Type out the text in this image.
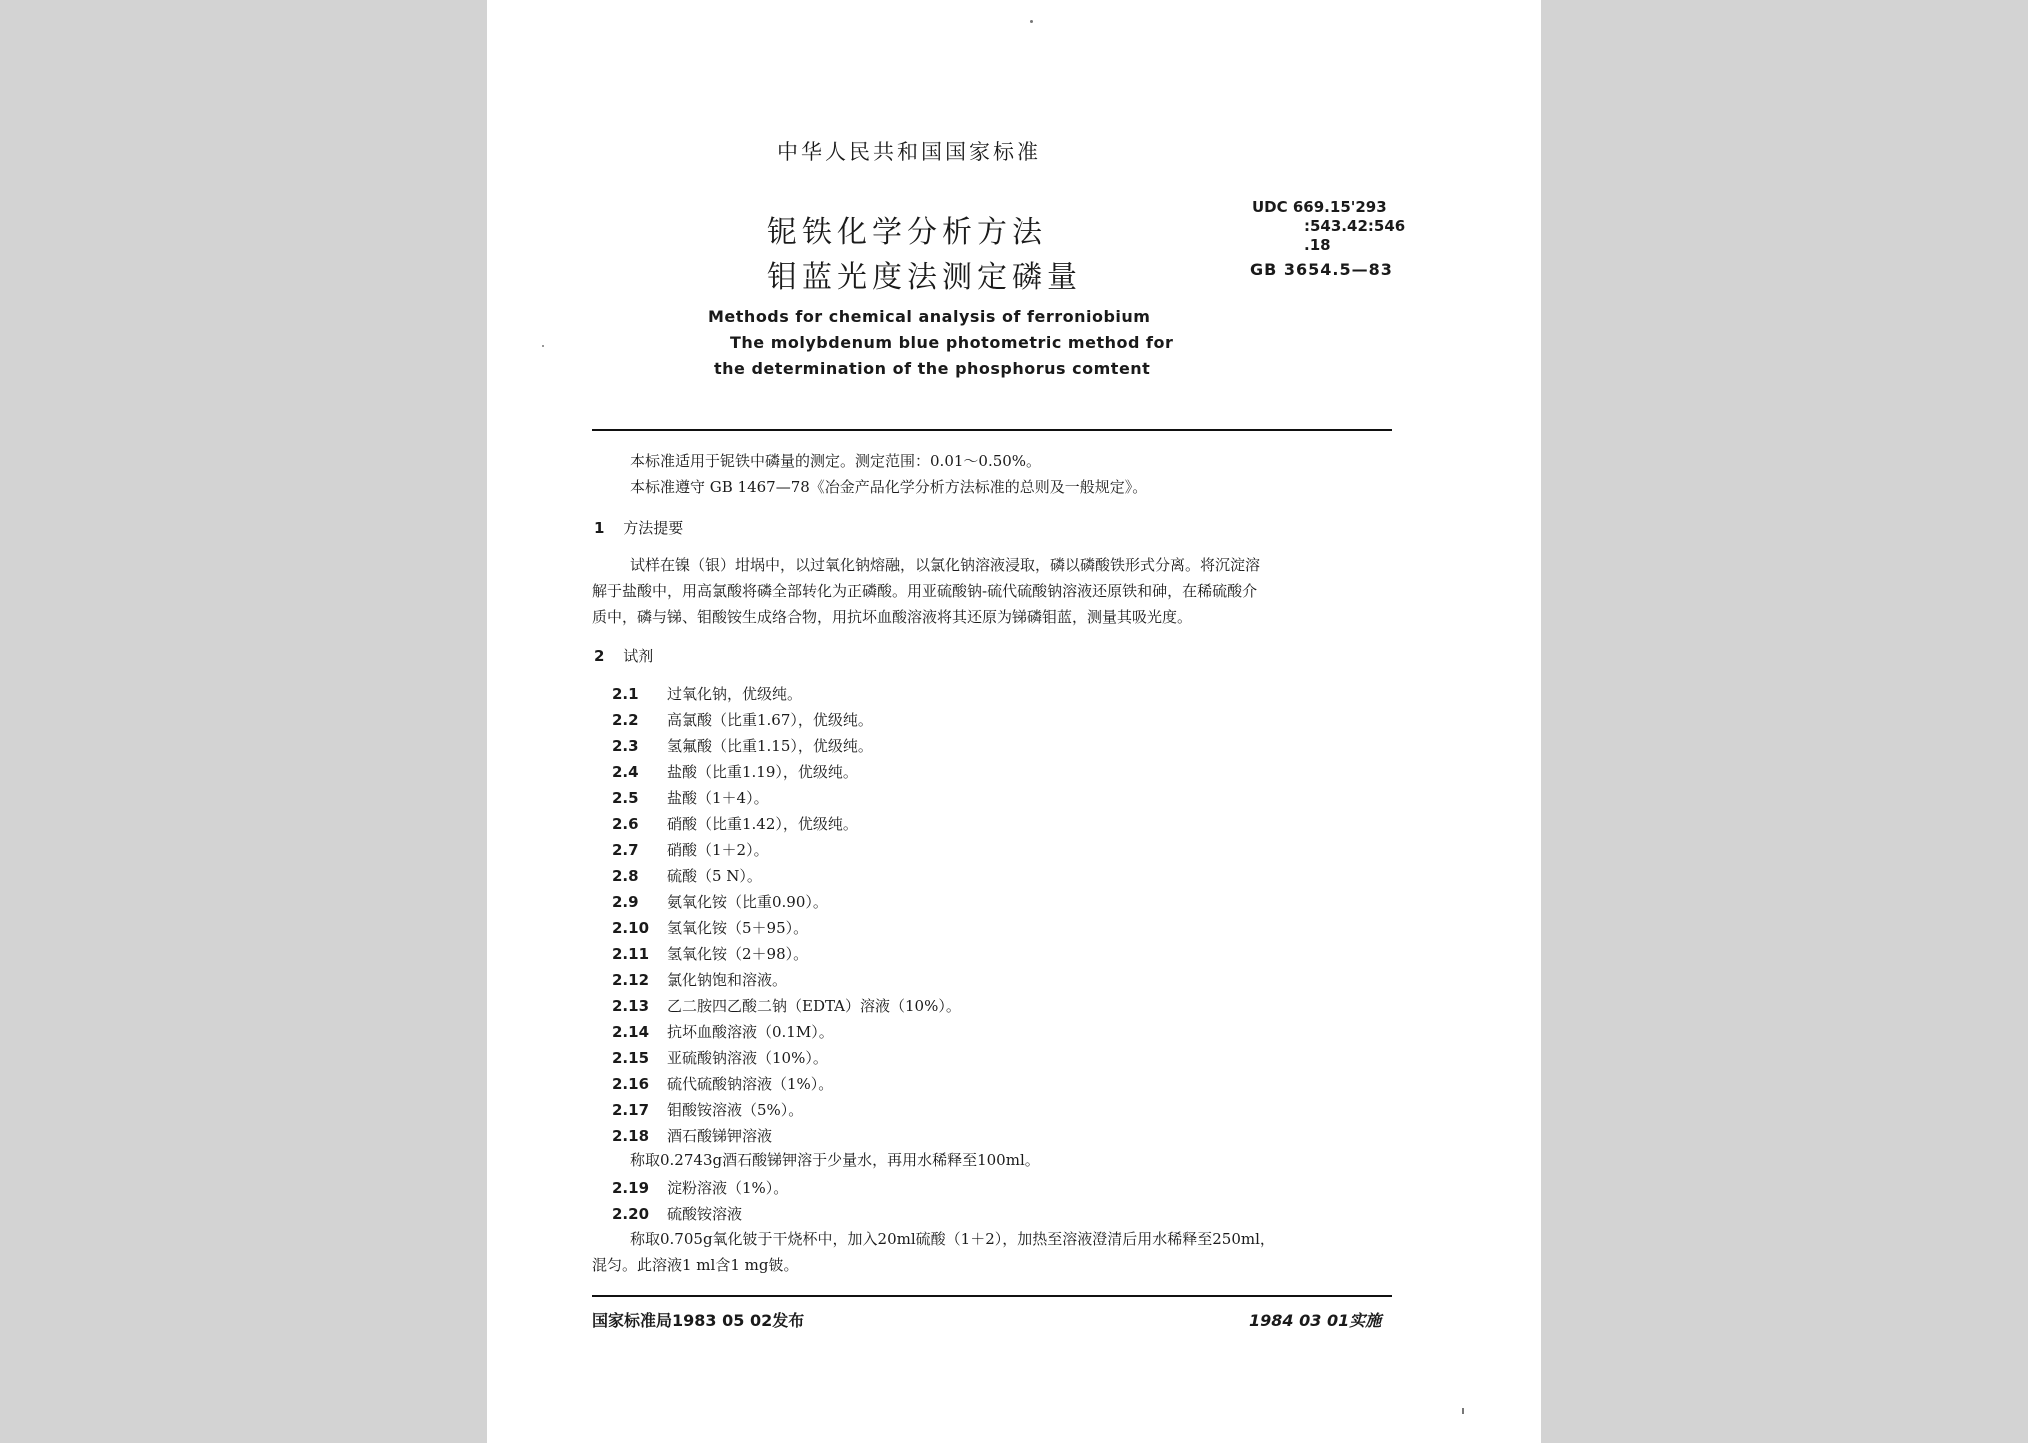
中华人民共和国国家标准
铌铁化学分析方法
钼蓝光度法测定磷量
UDC 669.15'293
:543.42:546
.18
GB 3654.5—83
Methods for chemical analysis of ferroniobium
The molybdenum blue photometric method for
the determination of the phosphorus comtent
本标准适用于铌铁中磷量的测定。测定范围：0.01～0.50%。
本标准遵守 GB 1467—78《冶金产品化学分析方法标准的总则及一般规定》。
1 方法提要
试样在镍（银）坩埚中，以过氧化钠熔融，以氯化钠溶液浸取，磷以磷酸铁形式分离。将沉淀溶
解于盐酸中，用高氯酸将磷全部转化为正磷酸。用亚硫酸钠-硫代硫酸钠溶液还原铁和砷，在稀硫酸介
质中，磷与锑、钼酸铵生成络合物，用抗坏血酸溶液将其还原为锑磷钼蓝，测量其吸光度。
2 试剂
2.1 过氧化钠，优级纯。
2.2 高氯酸（比重1.67），优级纯。
2.3 氢氟酸（比重1.15），优级纯。
2.4 盐酸（比重1.19），优级纯。
2.5 盐酸（1＋4）。
2.6 硝酸（比重1.42），优级纯。
2.7 硝酸（1＋2）。
2.8 硫酸（5 N）。
2.9 氨氧化铵（比重0.90）。
2.10 氢氧化铵（5＋95）。
2.11 氢氧化铵（2＋98）。
2.12 氯化钠饱和溶液。
2.13 乙二胺四乙酸二钠（EDTA）溶液（10%）。
2.14 抗坏血酸溶液（0.1M）。
2.15 亚硫酸钠溶液（10%）。
2.16 硫代硫酸钠溶液（1%）。
2.17 钼酸铵溶液（5%）。
2.18 酒石酸锑钾溶液
称取0.2743g酒石酸锑钾溶于少量水，再用水稀释至100ml。
2.19 淀粉溶液（1%）。
2.20 硫酸铵溶液
称取0.705g氧化铍于干烧杯中，加入20ml硫酸（1＋2），加热至溶液澄清后用水稀释至250ml，
混匀。此溶液1 ml含1 mg铍。
国家标准局1983 05 02发布	1984 03 01实施
